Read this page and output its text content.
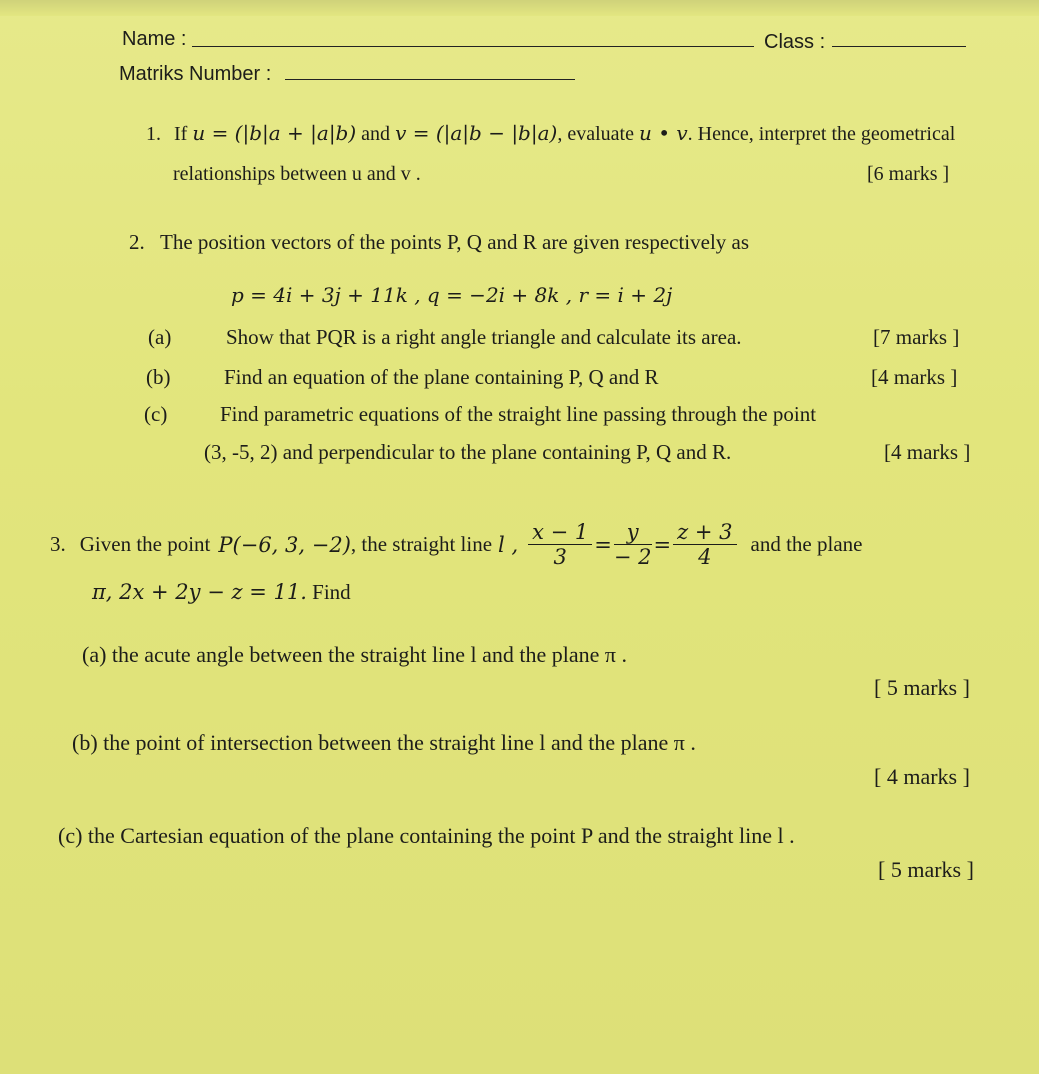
Name :	Class :
Matriks Number :
1. If u = (|b|a + |a|b) and v = (|a|b − |b|a), evaluate u • v. Hence, interpret the geometrical
relationships between u and v .	[6 marks ]
2. The position vectors of the points P, Q and R are given respectively as
p = 4i + 3j + 11k , q = −2i + 8k , r = i + 2j
(a)	Show that PQR is a right angle triangle and calculate its area.	[7 marks ]
(b)	Find an equation of the plane containing P, Q and R	[4 marks ]
(c)	Find parametric equations of the straight line passing through the point
(3, -5, 2) and perpendicular to the plane containing P, Q and R.	[4 marks ]
3. Given the point P(−6, 3, −2) , the straight line l , $\frac{x - 1}{3} = \frac{y}{- 2} = \frac{z + 3}{4}$ and the plane
π, 2x + 2y − z = 11. Find
(a) the acute angle between the straight line l and the plane π .
[ 5 marks ]
(b) the point of intersection between the straight line l and the plane π .
[ 4 marks ]
(c) the Cartesian equation of the plane containing the point P and the straight line l .
[ 5 marks ]
